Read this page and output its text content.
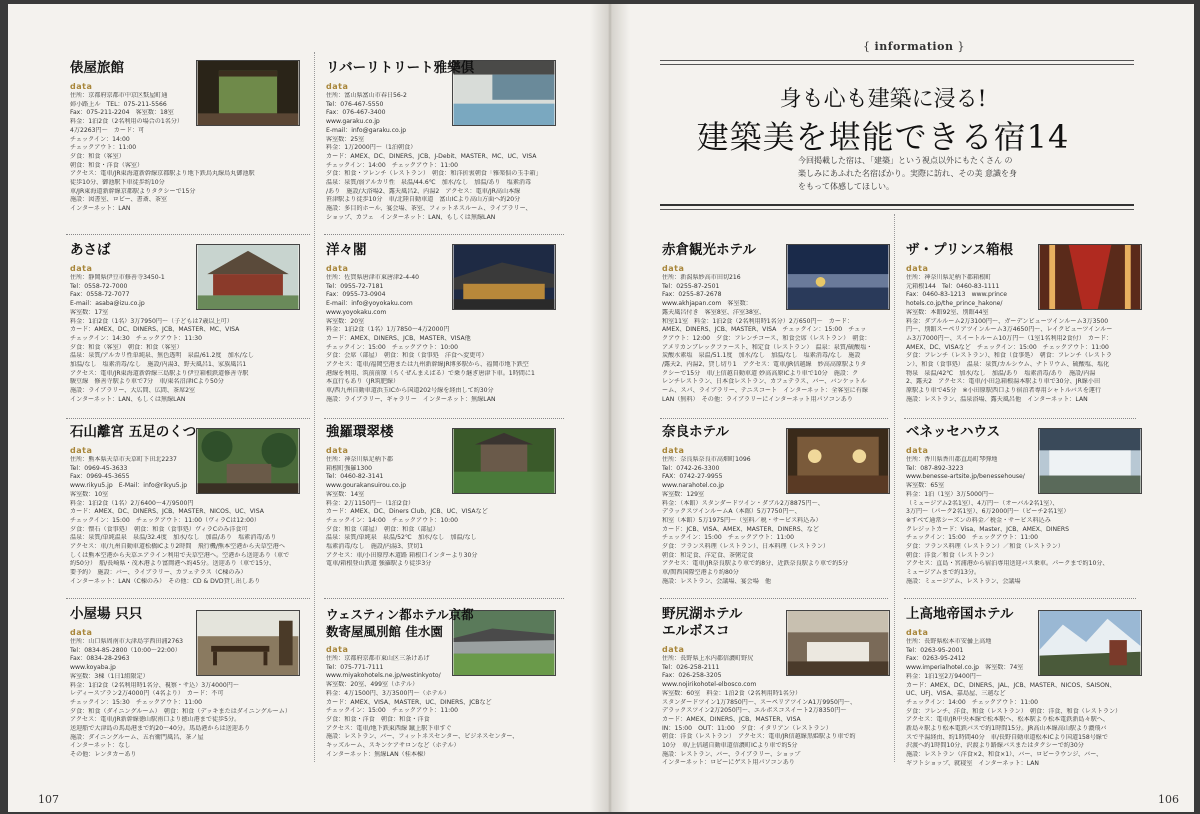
{ information }
身も心も建築に浸る!
建築美を堪能できる宿14
今回掲載した宿は、「建築」という視点以外にもたくさん の楽しみにあふれた名宿ばかり。実際に訪れ、その美 意識を身をもって体感してほしい。
俵屋旅館
data
住所：京都府京都市中京区麩屋町通
姉小路上ル　TEL：075-211-5566
Fax：075-211-2204　客室数：18室
料金：1泊2食（2名利用の場合の1名分）
4万2263円～　カード：可
チェックイン：14:00
チェックアウト：11:00
夕食：和食（客室）
朝食：和食・洋食（客室）
アクセス：電車/JR東海道新幹線京都駅より地下鉄烏丸線烏丸御池駅
徒歩10分、御池駅下車徒歩約10分
車/JR東海道新幹線京都駅よりタクシーで15分
施設：図書室、ロビー、書斎、茶室
インターネット：LAN
あさば
data
住所：静岡県伊豆市修善寺3450-1
Tel：0558-72-7000
Fax：0558-72-7077
E-mail：asaba@izu.co.jp
客室数：17室
料金：1泊2食（1名）3万7950円～（子どもは7歳以上可）
カード：AMEX、DC、DINERS、JCB、MASTER、MC、VISA
チェックイン：14:30　チェックアウト：11:30
夕食：和食（客室）　朝食：和食（客室）
温泉：泉質/アルカリ性単純泉、無色透明　泉温/61.2度　加水/なし
加温/なし　塩素消毒/なし　施設/内湯3、野天風呂1、家族風呂1
アクセス：電車/JR東海道新幹線三島駅より伊豆箱根鉄道修善寺駅
駿豆線　修善寺駅より車で7分　車/東名沼津ICより50分
施設：ライブラリー、大広間、広間、茶席2室
インターネット：LAN、もしくは無線LAN
石山離宮 五足のくつ
data
住所：熊本県天草市天草町下田北2237
Tel：0969-45-3633
Fax：0969-45-3655
www.rikyu5.jp　E-Mail：info@rikyu5.jp
客室数：10室
料金：1泊2食（1名）2万6400～4万9500円
カード：AMEX、DC、DINERS、JCB、MASTER、NICOS、UC、VISA
チェックイン：15:00　チェックアウト：11:00（ヴィラCは12:00）
夕食：懐石（食事処）　朝食：和食（食事処）ヴィラCのみ洋食可
温泉：泉質/単純温泉　泉温/32.4度　加水/なし　加温/あり　塩素消毒/あり
アクセス：車/九州自動車道松橋ICより2時間　飛行機/熊本空港から天草空港へ
しくは熊本空港から天草エアライン利用で天草空港へ。空港から送迎あり（車で
約50分）　船/長崎県・茂木港より富岡港へ約45分。送迎あり（車で15分、
要予約）　施設：バー、ライブラリー、カフェテラス（C棟のみ）
インターネット：LAN（C棟のみ）　その他：CD & DVD貸し出しあり
小屋場 只只
data
住所：山口県周南市大津島字西田浦2763
Tel：0834-85-2800（10:00～22:00）
Fax：0834-28-2963
www.koyaba.jp
客室数：3棟（1日1組限定）
料金：1泊2食（2名利用時1名分、視察・サ込）3万4000円～
レディースプラン2万4000円（4名より）　カード：不可
チェックイン：15:30　チェックアウト：11:00
夕食：和食（ダイニングルーム）　朝食：和食（デッキまたはダイニングルーム）
アクセス：電車/JR新幹線徳山駅南口より徳山港まで徒歩5分。
送迎船で大津島の馬島港まで約20～40分。馬島港からは送迎あり
施設：ダイニングルーム、五右衛門風呂、茶ノ屋
インターネット：なし
その他：レンタカーあり
リバーリトリート雅樂倶
data
住所：富山県富山市春日56-2
Tel：076-467-5550
Fax：076-467-3400
www.garaku.co.jp
E-mail：info@garaku.co.jp
客室数：25室
料金：1万2000円～（1泊朝食）
カード：AMEX、DC、DINERS、JCB、J-Debit、MASTER、MC、UC、VISA
チェックイン：14:00　チェックアウト：11:00
夕食：和食・フレンチ（レストラン）　朝食：和洋折衷朝食「雅楽倶の玉手箱」
温泉：泉質/弱アルカリ性　泉温/44.6℃　加水/なし　加温/あり　塩素消毒
/あり　施設/大浴場2、露天風呂2、内湯2　アクセス：電車/JR高山本線
笹津駅より徒歩10分　車/北陸自動車道　富山ICより高山方面へ約20分
施設：多目的ホール、宴会場、茶室、フィットネスルーム、ライブラリー、
ショップ、カフェ　インターネット：LAN、もしくは無線LAN
洋々閣
data
住所：佐賀県唐津市東唐津2-4-40
Tel：0955-72-7181
Fax：0955-73-0904
E-mail：info@yoyokaku.com
www.yoyokaku.com
客室数：20室
料金：1泊2食（1名）1万7850～4万2000円
カード：AMEX、DINERS、JCB、MASTER、VISA他
チェックイン：15:00　チェックアウト：10:00
夕食：会席（部屋）　朝食：和食（食事処　洋食へ変更可）
アクセス：電車/福岡空港または九州新幹線JR博多駅から、福岡市地下鉄空
港線を利用、筑前前原（ちくぜんまえばる）で乗り継ぎ唐津下車。1時間に1
本直行もあり（JR筑肥線）
車/西九州自動車道浜玉ICから国道202号線を経由して約30分
施設：ライブラリー、ギャラリー　インターネット：無線LAN
強羅環翠楼
data
住所：神奈川県足柄下郡
箱根町強羅1300
Tel：0460-82-3141
www.gourakansuirou.co.jp
客室数：14室
料金：2万1150円～（1泊2食）
カード：AMEX、DC、Diners Club、JCB、UC、VISAなど
チェックイン：14:00　チェックアウト：10:00
夕食：和食（部屋）　朝食：和食（部屋）
温泉：泉質/単純泉　泉温/52℃　加水/なし　加温/なし
塩素消毒/なし　施設/内湯3、貸切1
アクセス：車/小田原厚木道路 箱根口インターより30分
電車/箱根登山鉄道 強羅駅より徒歩3分
ウェスティン都ホテル京都
数寄屋風別館 佳水園
data
住所：京都府京都市東山区三条けあげ
Tel：075-771-7111
www.miyakohotels.ne.jp/westinkyoto/
客室数：20室、499室（ホテル）
料金：4万1500円、3万3500円～（ホテル）
カード：AMEX、VISA、MASTER、UC、DINERS、JCBなど
チェックイン：15:00　チェックアウト：11:00
夕食：和食・洋食　朝食：和食・洋食
アクセス：電車/地下鉄東西線 蹴上駅下車すぐ
施設：レストラン、バー、フィットネスセンター、ビジネスセンター、
キッズルーム、スキンケアサロンなど（ホテル）
インターネット：無線LAN（桂本棟）
赤倉観光ホテル
data
住所：新潟県妙高市田切216
Tel：0255-87-2501
Fax：0255-87-2678
www.akhjapan.com　客室数：
露天風呂付き　客室8室、洋室38室、
和室11室　料金：1泊2食（2名利用時1名分）2万650円～　カード：
AMEX、DINERS、JCB、MASTER、VISA　チェックイン：15:00　チェッ
クアウト：12:00　夕食：フレンチコース、和食会席（レストラン）　朝食：
アメリカンブレックファースト、和定食（レストラン）　温泉：泉質/硫酸塩・
炭酸水素塩　泉温/51.1度　加水/なし　加温/なし　塩素消毒/なし　施設
/露天2、内湯2、貸し切り1　アクセス：電車/JR信越線　妙高高原駅よりタ
クシーで15分　車/上信越自動車道 妙高高原ICより車で10分　施設：ク
レンチレストラン、日本食レストラン、カフェテラス、バー、バンケットル
ーム、スパ、ライブラリー、テニスコート　インターネット：全客室に有線
LAN（無料）　その他：ライブラリーにインターネット用パソコンあり
奈良ホテル
data
住所：奈良県奈良市高畑町1096
Tel：0742-26-3300
FAX：0742-27-9955
www.narahotel.co.jp
客室数：129室
料金：（本館）スタンダードツイン・ダブル2万8875円～、
デラックスツインルームA（本館）5万7750円～、
和室（本館）5万1975円～（室料／税・サービス料込み）
カード：JCB、VISA、AMEX、MASTER、DINERS、など
チェックイン：15:00　チェックアウト：11:00
夕食：フランス料理（レストラン）、日本料理（レストラン）
朝食：和定食、洋定食、茶粥定食
アクセス：電車/JR奈良駅より車で約8分、近鉄奈良駅より車で約5分
車/関西国際空港より約80分
施設：レストラン、会議場、宴会場　他
野尻湖ホテル
エルボスコ
data
住所：長野県上水内郡信濃町野尻
Tel：026-258-2111
Fax：026-258-3205
www.nojirikohotel-elbosco.com
客室数：60室　料金：1泊2食（2名利用時1名分）
スタンダードツイン1万7850円～、スーペリアツインA1万9950円～、
デラックスツイン2万2050円～、エルボスコスイート2万8350円～
カード：AMEX、DINERS、JCB、MASTER、VISA
IN：15:00　OUT：11:00　夕食：イタリアン（レストラン）
朝食：洋食（レストラン）　アクセス：電車/JR信越線黒姫駅より車で約
10分　車/上信越自動車道信濃町ICより車で約5分
施設：レストラン、バー、ライブラリー、ショップ
インターネット：ロビーにゲスト用パソコンあり
ザ・プリンス箱根
data
住所：神奈川県足柄下郡箱根町
元箱根144　Tel：0460-83-1111
Fax：0460-83-1213　www.prince
hotels.co.jp/the_prince_hakone/
客室数：本館92室、別館44室
料金：ダブルルーム2万3100円～、ガーデンビューツインルーム3万3500
円～、別館スーペリアツインルーム3万4650円～、レイクビューツインルー
ム3万7000円～、スイートルーム10万円～（1室1名利用2食付）　カード：
AMEX、DC、VISAなど　チェックイン：15:00　チェックアウト：11:00
夕食：フレンチ（レストラン）、和食（食事処）　朝食：フレンチ（レストラ
ン）、和食（食事処）　温泉：泉質/カルシウム、ナトリウム、硫酸塩、塩化
物泉　泉温/42℃　加水/なし　加温/あり　塩素消毒/あり　施設/内湯
2、露天2　アクセス：電車/小田急箱根湯本駅より車で30分、JR線小田
原駅より車で45分　※小田原駅西口より宿泊者専用シャトルバスを運行
施設：レストラン、温泉浴場、露天風呂他　インターネット：LAN
ベネッセハウス
data
住所：香川県香川郡直島町琴弾地
Tel：087-892-3223
www.benesse-artsite.jp/benessehouse/
客室数：65室
料金：1泊（1室）3万5000円～
（ミュージアム2名1室）、4万円～（オーバル2名1室）、
3万円～（パーク2名1室）、6万2000円～（ビーチ2名1室）
※すべて通常シーズンの料金／税金・サービス料込み
クレジットカード：Visa、Master、JCB、AMEX、DINERS
チェックイン：15:00　チェックアウト：11:00
夕食：フランス料理（レストラン）／和食（レストラン）
朝食：洋食／和食（レストラン）
アクセス：直島・宮浦港から宿泊専用送迎バス乗車。パークまで約10分、
ミュージアムまで約13分。
施設：ミュージアム、レストラン、会議場
上高地帝国ホテル
data
住所：長野県松本市安曇上高地
Tel：0263-95-2001
Fax：0263-95-2412
www.imperialhotel.co.jp　客室数：74室
料金：1泊1室2万9400円～
カード：AMEX、DC、DINERS、JAL、JCB、MASTER、NICOS、SAISON、
UC、UFJ、VISA、嘉島屋、三越など
チェックイン：14:00　チェックアウト：11:00
夕食：フレンチ、洋食、和食（レストラン）　朝食：洋食、和食（レストラン）
アクセス：電車/JR中央本線で松本駅へ、松本駅より松本電鉄新島々駅へ、
新島々駅より松本電鉄バスで約1時間15分。JR高山本線高山駅より濃飛バ
スで平湯経由、約1時間40分　車/長野自動車道松本ICより国道158号線で
沢渡へ約1時間10分、沢渡より路線バスまたはタクシーで約30分
施設：レストラン（洋食×2、和食×1）、バー、ロビーラウンジ、バー、
ギフトショップ、就寝室　インターネット：LAN
107	106
